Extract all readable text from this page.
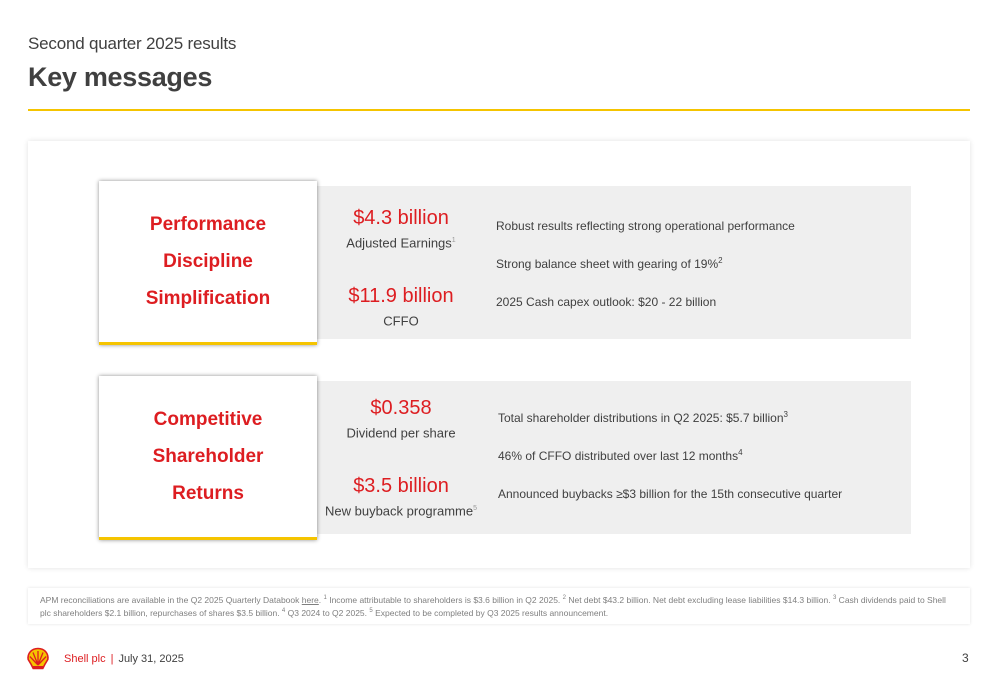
Second quarter 2025 results
Key messages
Performance
Discipline
Simplification
$4.3 billion
Adjusted Earnings$^1$
$11.9 billion
CFFO
Robust results reflecting strong operational performance
Strong balance sheet with gearing of 19%$^2$
2025 Cash capex outlook: $20 - 22 billion
Competitive
Shareholder
Returns
$0.358
Dividend per share
$3.5 billion
New buyback programme$^5$
Total shareholder distributions in Q2 2025: $5.7 billion$^3$
46% of CFFO distributed over last 12 months$^4$
Announced buybacks ≥$3 billion for the 15th consecutive quarter
APM reconciliations are available in the Q2 2025 Quarterly Databook here. $^1$ Income attributable to shareholders is $3.6 billion in Q2 2025. $^2$ Net debt $43.2 billion. Net debt excluding lease liabilities $14.3 billion. $^3$ Cash dividends paid to Shell plc shareholders $2.1 billion, repurchases of shares $3.5 billion. $^4$ Q3 2024 to Q2 2025. $^5$ Expected to be completed by Q3 2025 results announcement.
Shell plc | July 31, 2025	3
